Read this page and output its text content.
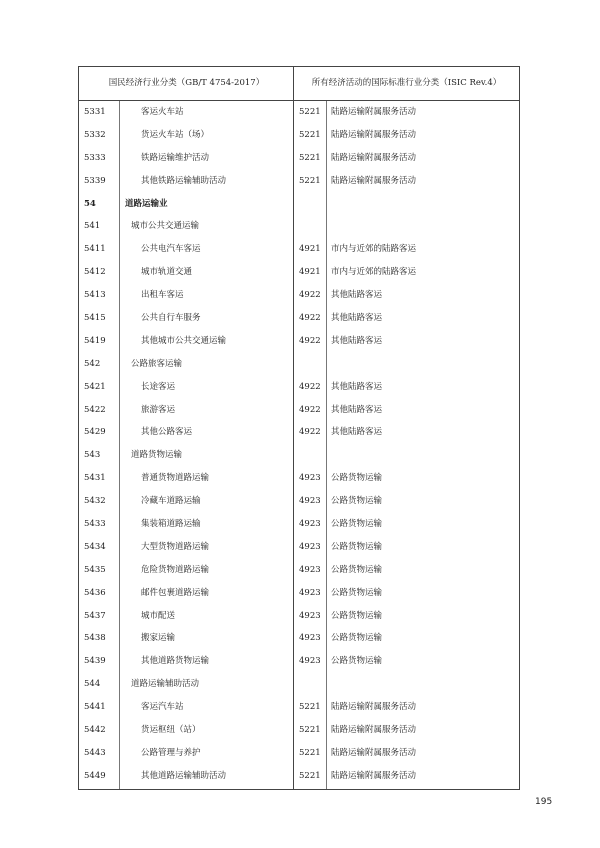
国民经济行业分类（GB/T 4754-2017）	所有经济活动的国际标准行业分类（ISIC Rev.4）
5331	客运火车站	5221 陆路运输附属服务活动
5332	货运火车站（场）	5221 陆路运输附属服务活动
5333	铁路运输维护活动	5221 陆路运输附属服务活动
5339	其他铁路运输辅助活动	5221 陆路运输附属服务活动
54	道路运输业
541	城市公共交通运输
5411	公共电汽车客运	4921 市内与近郊的陆路客运
5412	城市轨道交通	4921 市内与近郊的陆路客运
5413	出租车客运	4922 其他陆路客运
5415	公共自行车服务	4922 其他陆路客运
5419	其他城市公共交通运输	4922 其他陆路客运
542	公路旅客运输
5421	长途客运	4922 其他陆路客运
5422	旅游客运	4922 其他陆路客运
5429	其他公路客运	4922 其他陆路客运
543	道路货物运输
5431	普通货物道路运输	4923 公路货物运输
5432	冷藏车道路运输	4923 公路货物运输
5433	集装箱道路运输	4923 公路货物运输
5434	大型货物道路运输	4923 公路货物运输
5435	危险货物道路运输	4923 公路货物运输
5436	邮件包裹道路运输	4923 公路货物运输
5437	城市配送	4923 公路货物运输
5438	搬家运输	4923 公路货物运输
5439	其他道路货物运输	4923 公路货物运输
544	道路运输辅助活动
5441	客运汽车站	5221 陆路运输附属服务活动
5442	货运枢纽（站）	5221 陆路运输附属服务活动
5443	公路管理与养护	5221 陆路运输附属服务活动
5449	其他道路运输辅助活动	5221 陆路运输附属服务活动
195
